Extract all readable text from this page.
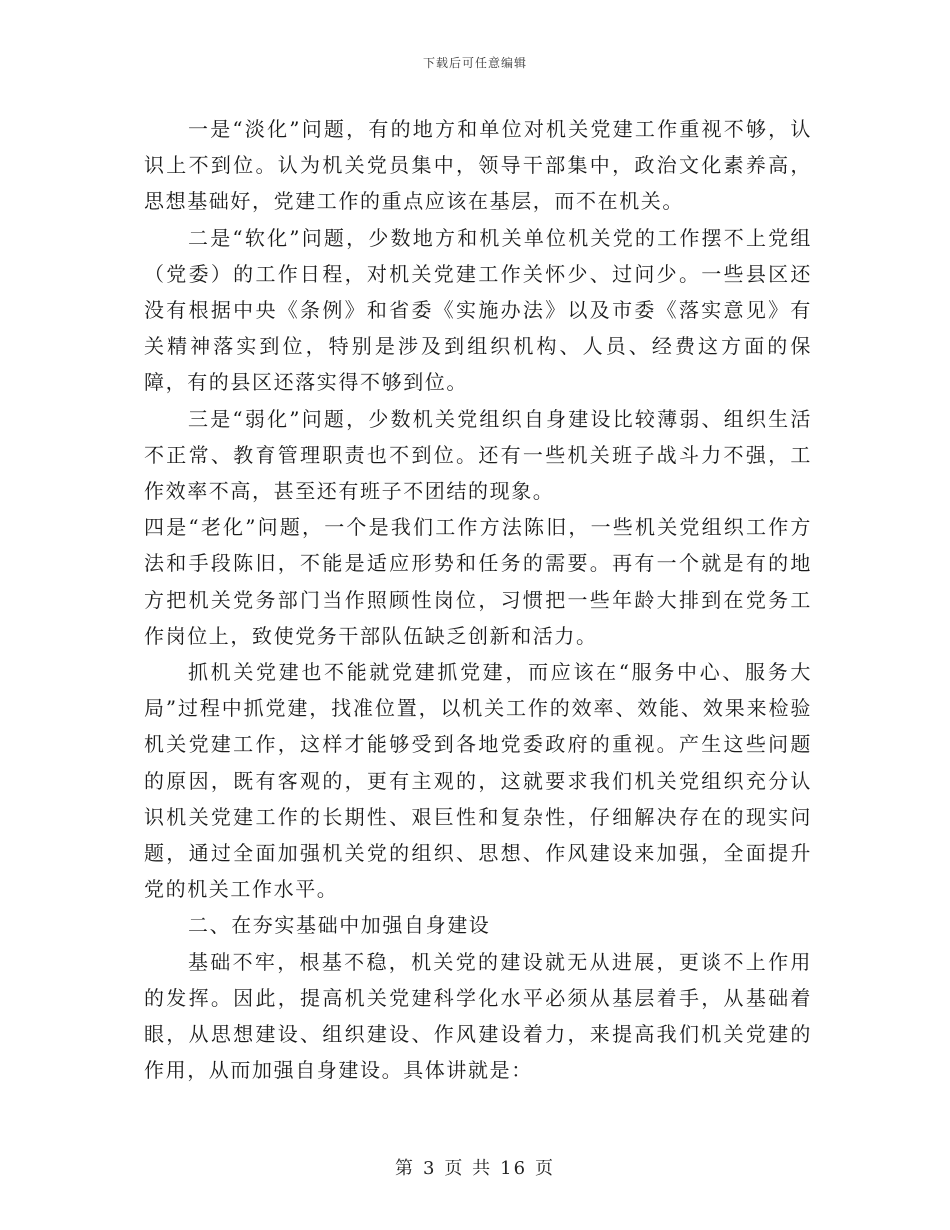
下载后可任意编辑

一是“淡化”问题，有的地方和单位对机关党建工作重视不够，认识上不到位。认为机关党员集中，领导干部集中，政治文化素养高，思想基础好，党建工作的重点应该在基层，而不在机关。

二是“软化”问题，少数地方和机关单位机关党的工作摆不上党组（党委）的工作日程，对机关党建工作关怀少、过问少。一些县区还没有根据中央《条例》和省委《实施办法》以及市委《落实意见》有关精神落实到位，特别是涉及到组织机构、人员、经费这方面的保障，有的县区还落实得不够到位。

三是“弱化”问题，少数机关党组织自身建设比较薄弱、组织生活不正常、教育管理职责也不到位。还有一些机关班子战斗力不强，工作效率不高，甚至还有班子不团结的现象。

四是“老化”问题，一个是我们工作方法陈旧，一些机关党组织工作方法和手段陈旧，不能是适应形势和任务的需要。再有一个就是有的地方把机关党务部门当作照顾性岗位，习惯把一些年龄大排到在党务工作岗位上，致使党务干部队伍缺乏创新和活力。

抓机关党建也不能就党建抓党建，而应该在“服务中心、服务大局”过程中抓党建，找准位置，以机关工作的效率、效能、效果来检验机关党建工作，这样才能够受到各地党委政府的重视。产生这些问题的原因，既有客观的，更有主观的，这就要求我们机关党组织充分认识机关党建工作的长期性、艰巨性和复杂性，仔细解决存在的现实问题，通过全面加强机关党的组织、思想、作风建设来加强，全面提升党的机关工作水平。

二、在夯实基础中加强自身建设

基础不牢，根基不稳，机关党的建设就无从进展，更谈不上作用的发挥。因此，提高机关党建科学化水平必须从基层着手，从基础着眼，从思想建设、组织建设、作风建设着力，来提高我们机关党建的作用，从而加强自身建设。具体讲就是：

第 3 页 共 16 页
